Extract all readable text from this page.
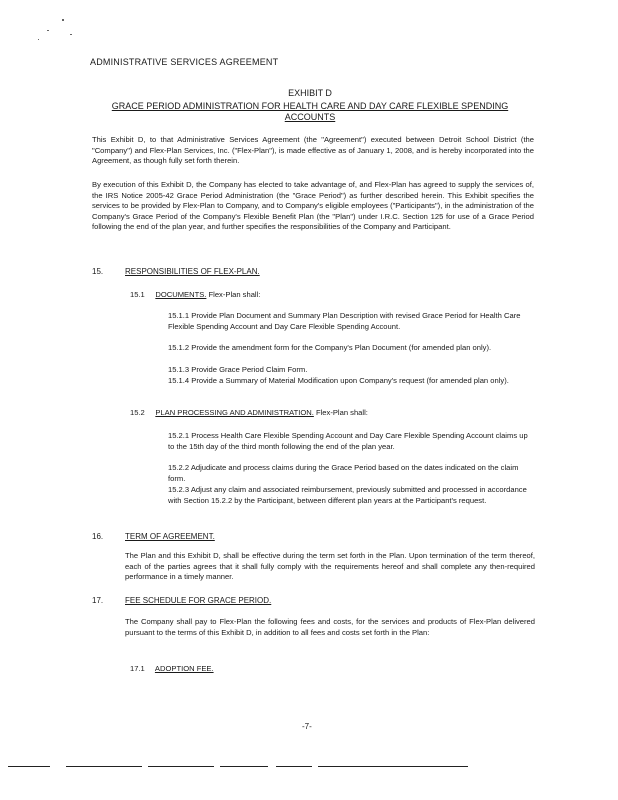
ADMINISTRATIVE SERVICES AGREEMENT
EXHIBIT D
GRACE PERIOD ADMINISTRATION FOR HEALTH CARE AND DAY CARE FLEXIBLE SPENDING
ACCOUNTS
This Exhibit D, to that Administrative Services Agreement (the "Agreement") executed between Detroit School District (the "Company") and Flex-Plan Services, Inc. ("Flex-Plan"), is made effective as of January 1, 2008, and is hereby incorporated into the Agreement, as though fully set forth therein.
By execution of this Exhibit D, the Company has elected to take advantage of, and Flex-Plan has agreed to supply the services of, the IRS Notice 2005-42 Grace Period Administration (the "Grace Period") as further described herein. This Exhibit specifies the services to be provided by Flex-Plan to Company, and to Company's eligible employees ("Participants"), in the administration of the Company's Grace Period of the Company's Flexible Benefit Plan (the "Plan") under I.R.C. Section 125 for use of a Grace Period following the end of the plan year, and further specifies the responsibilities of the Company and Participant.
15.	RESPONSIBILITIES OF FLEX-PLAN.
15.1 DOCUMENTS. Flex-Plan shall:
15.1.1 Provide Plan Document and Summary Plan Description with revised Grace Period for Health Care Flexible Spending Account and Day Care Flexible Spending Account.
15.1.2 Provide the amendment form for the Company's Plan Document (for amended plan only).
15.1.3 Provide Grace Period Claim Form.
15.1.4 Provide a Summary of Material Modification upon Company's request (for amended plan only).
15.2 PLAN PROCESSING AND ADMINISTRATION. Flex-Plan shall:
15.2.1 Process Health Care Flexible Spending Account and Day Care Flexible Spending Account claims up to the 15th day of the third month following the end of the plan year.
15.2.2 Adjudicate and process claims during the Grace Period based on the dates indicated on the claim form.
15.2.3 Adjust any claim and associated reimbursement, previously submitted and processed in accordance with Section 15.2.2 by the Participant, between different plan years at the Participant's request.
16.	TERM OF AGREEMENT.
The Plan and this Exhibit D, shall be effective during the term set forth in the Plan. Upon termination of the term thereof, each of the parties agrees that it shall fully comply with the requirements hereof and shall complete any then-required performance in a timely manner.
17.	FEE SCHEDULE FOR GRACE PERIOD.
The Company shall pay to Flex-Plan the following fees and costs, for the services and products of Flex-Plan delivered pursuant to the terms of this Exhibit D, in addition to all fees and costs set forth in the Plan:
17.1 ADOPTION FEE.
-7-
